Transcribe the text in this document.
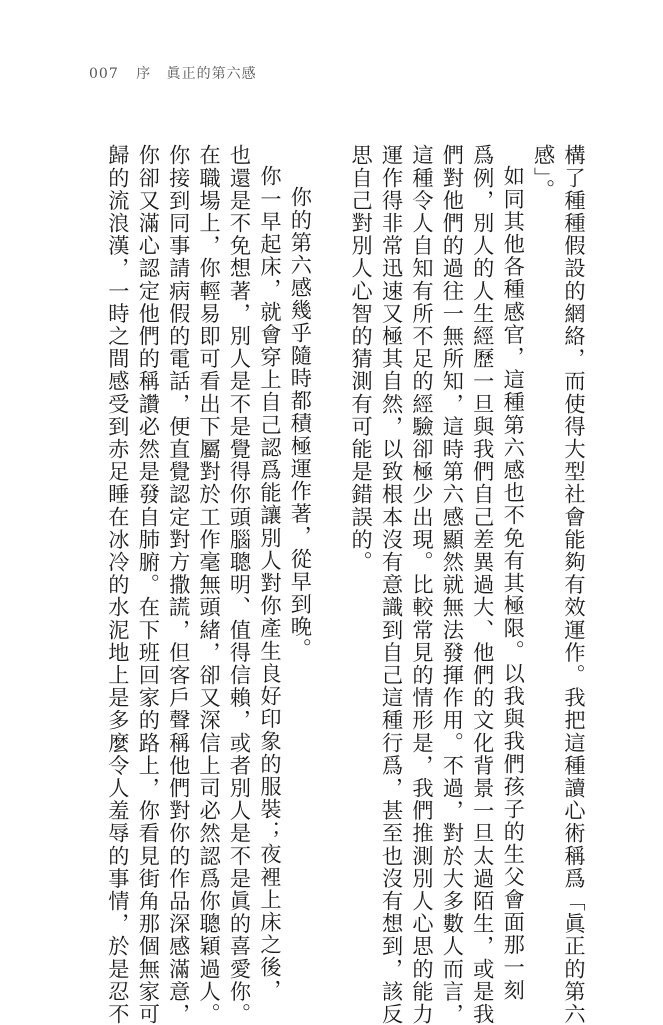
007 序 眞正的第六感
構了種種假設的網絡，而使得大型社會能夠有效運作。我把這種讀心術稱爲「眞正的第六
感」。
如同其他各種感官，這種第六感也不免有其極限。以我與我們孩子的生父會面那一刻
爲例，別人的人生經歷一旦與我們自己差異過大、他們的文化背景一旦太過陌生，或是我
們對他們的過往一無所知，這時第六感顯然就無法發揮作用。不過，對於大多數人而言，
這種令人自知有所不足的經驗卻極少出現。比較常見的情形是，我們推測別人心思的能力
運作得非常迅速又極其自然，以致根本沒有意識到自己這種行爲，甚至也沒有想到，該反
思自己對別人心智的猜測有可能是錯誤的。
你的第六感幾乎隨時都積極運作著，從早到晚。
你一早起床，就會穿上自己認爲能讓別人對你產生良好印象的服裝；夜裡上床之後，
也還是不免想著，別人是不是覺得你頭腦聰明、值得信賴，或者別人是不是眞的喜愛你。
在職場上，你輕易即可看出下屬對於工作毫無頭緒，卻又深信上司必然認爲你聰穎過人。
你接到同事請病假的電話，便直覺認定對方撒謊，但客戶聲稱他們對你的作品深感滿意，
你卻又滿心認定他們的稱讚必然是發自肺腑。在下班回家的路上，你看見街角那個無家可
歸的流浪漢，一時之間感受到赤足睡在冰冷的水泥地上是多麼令人羞辱的事情，於是忍不
